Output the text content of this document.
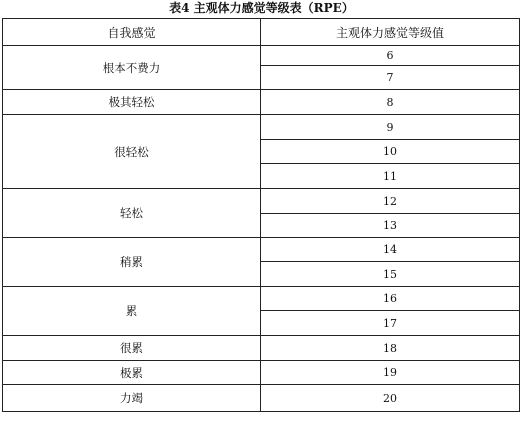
表4 主观体力感觉等级表（RPE）
自我感觉	主观体力感觉等级值
根本不费力	6
	7
极其轻松	8
很轻松	9
	10
	11
轻松	12
	13
稍累	14
	15
累	16
	17
很累	18
极累	19
力竭	20
